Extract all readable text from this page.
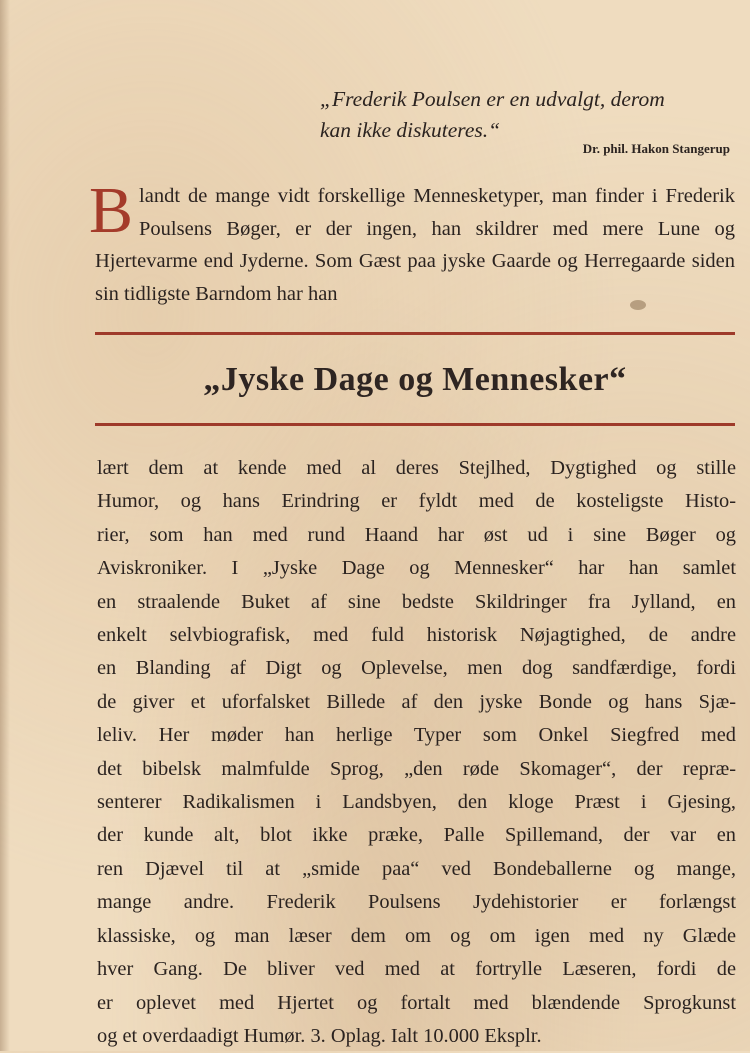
„Frederik Poulsen er en udvalgt, derom
kan ikke diskuteres.“
Dr. phil. Hakon Stangerup
B landt de mange vidt forskellige Mennesketyper, man finder i Frederik Poulsens Bøger, er der ingen, han skildrer med mere Lune og Hjertevarme end Jyderne. Som Gæst paa jyske Gaarde og Herregaarde siden sin tidligste Barndom har han
„Jyske Dage og Mennesker“
lært dem at kende med al deres Stejlhed, Dygtighed og stille
Humor, og hans Erindring er fyldt med de kosteligste Histo-
rier, som han med rund Haand har øst ud i sine Bøger og
Aviskroniker. I „Jyske Dage og Mennesker“ har han samlet
en straalende Buket af sine bedste Skildringer fra Jylland, en
enkelt selvbiografisk, med fuld historisk Nøjagtighed, de andre
en Blanding af Digt og Oplevelse, men dog sandfærdige, fordi
de giver et uforfalsket Billede af den jyske Bonde og hans Sjæ-
leliv. Her møder han herlige Typer som Onkel Siegfred med
det bibelsk malmfulde Sprog, „den røde Skomager“, der repræ-
senterer Radikalismen i Landsbyen, den kloge Præst i Gjesing,
der kunde alt, blot ikke præke, Palle Spillemand, der var en
ren Djævel til at „smide paa“ ved Bondeballerne og mange,
mange andre. Frederik Poulsens Jydehistorier er forlængst
klassiske, og man læser dem om og om igen med ny Glæde
hver Gang. De bliver ved med at fortrylle Læseren, fordi de
er oplevet med Hjertet og fortalt med blændende Sprogkunst
og et overdaadigt Humør. 3. Oplag. Ialt 10.000 Eksplr.
